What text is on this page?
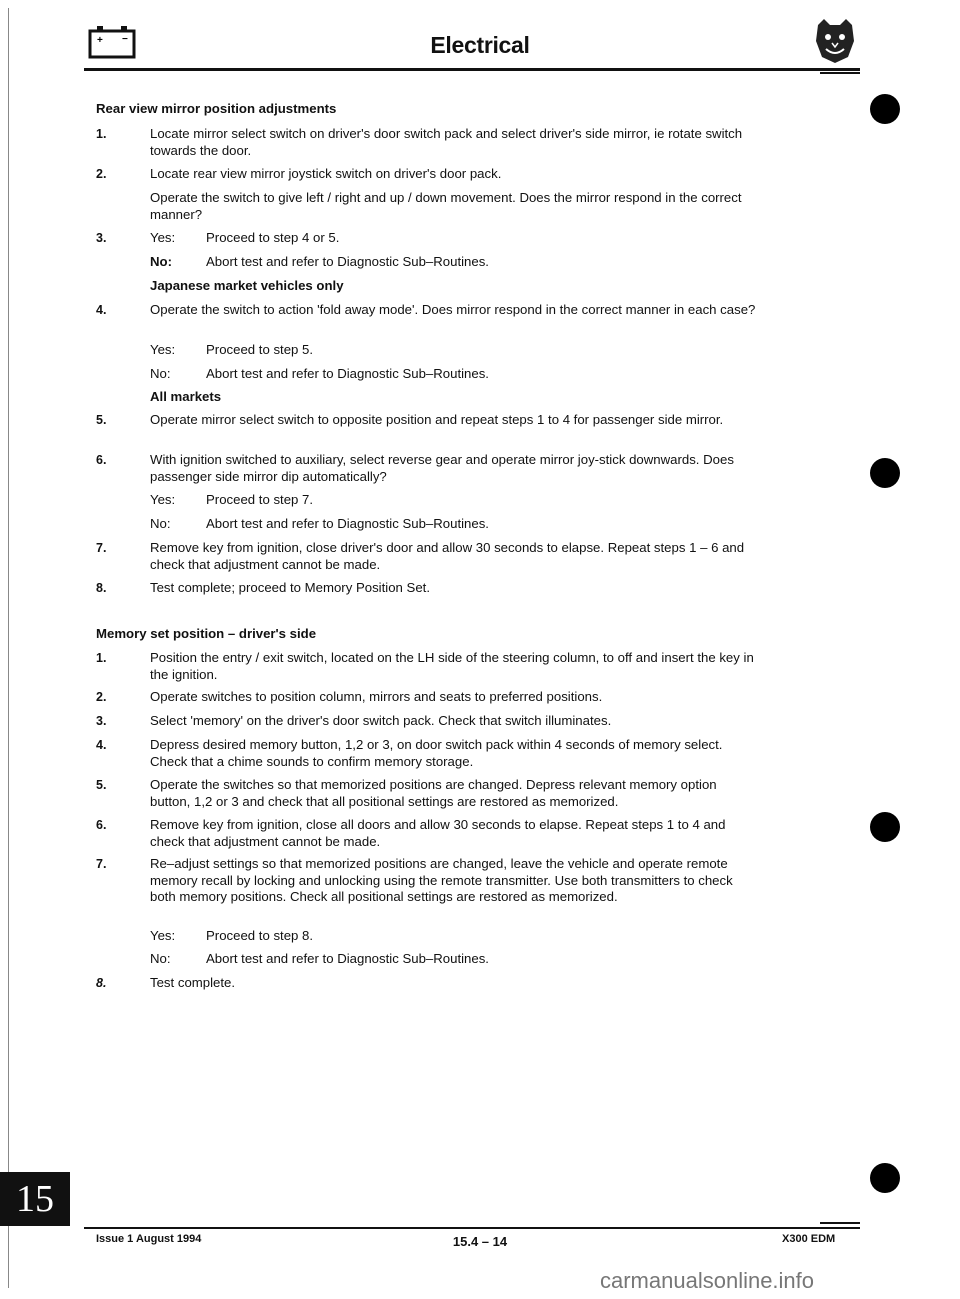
+ −	Electrical
Rear view mirror position adjustments
1.	Locate mirror select switch on driver's door switch pack and select driver's side mirror, ie rotate switch towards the door.
2.	Locate rear view mirror joystick switch on driver's door pack.
Operate the switch to give left / right and up / down movement. Does the mirror respond in the correct manner?
3.	Yes: Proceed to step 4 or 5.
No:	Abort test and refer to Diagnostic Sub–Routines.
Japanese market vehicles only
4.	Operate the switch to action 'fold away mode'. Does mirror respond in the correct manner in each case?
Yes: Proceed to step 5.
No:	Abort test and refer to Diagnostic Sub–Routines.
All markets
5.	Operate mirror select switch to opposite position and repeat steps 1 to 4 for passenger side mirror.
6.	With ignition switched to auxiliary, select reverse gear and operate mirror joy-stick downwards. Does passenger side mirror dip automatically?
Yes: Proceed to step 7.
No:	Abort test and refer to Diagnostic Sub–Routines.
7.	Remove key from ignition, close driver's door and allow 30 seconds to elapse. Repeat steps 1 – 6 and check that adjustment cannot be made.
8.	Test complete; proceed to Memory Position Set.
Memory set position – driver's side
1.	Position the entry / exit switch, located on the LH side of the steering column, to off and insert the key in the ignition.
2.	Operate switches to position column, mirrors and seats to preferred positions.
3.	Select 'memory' on the driver's door switch pack. Check that switch illuminates.
4.	Depress desired memory button, 1,2 or 3, on door switch pack within 4 seconds of memory select. Check that a chime sounds to confirm memory storage.
5.	Operate the switches so that memorized positions are changed. Depress relevant memory option button, 1,2 or 3 and check that all positional settings are restored as memorized.
6.	Remove key from ignition, close all doors and allow 30 seconds to elapse. Repeat steps 1 to 4 and check that adjustment cannot be made.
7.	Re–adjust settings so that memorized positions are changed, leave the vehicle and operate remote memory recall by locking and unlocking using the remote transmitter. Use both transmitters to check both memory positions. Check all positional settings are restored as memorized.
Yes: Proceed to step 8.
No:	Abort test and refer to Diagnostic Sub–Routines.
8.	Test complete.
15
Issue 1 August 1994	15.4 – 14	X300 EDM
carmanualsonline.info
